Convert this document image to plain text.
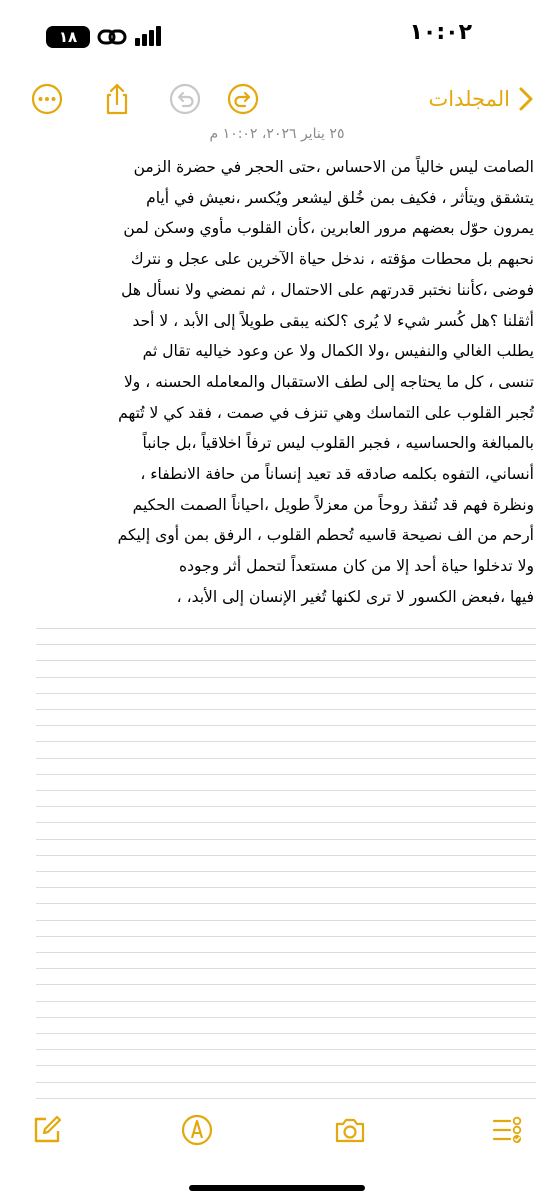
١٨	١٠:٠٢
المجلدات
٢٥ يناير ٢٠٢٦، ١٠:٠٢ م
الصامت ليس خالياً من الاحساس ،حتى الحجر في حضرة الزمن
يتشقق ويتأثر ، فكيف بمن خُلق ليشعر ويُكسر ،نعيش في أيام
يمرون حوّل بعضهم مرور العابرين ،كأن القلوب مأوي وسكن لمن
نحبهم بل محطات مؤقته ، ندخل حياة الآخرين على عجل و نترك
فوضى ،كأننا نختبر قدرتهم على الاحتمال ، ثم نمضي ولا نسأل هل
أثقلنا ؟هل كُسر شيء لا يُرى ؟لكنه يبقى طويلاً إلى الأبد ، لا أحد
يطلب الغالي والنفيس ،ولا الكمال ولا عن وعود خياليه تقال ثم
تنسى ، كل ما يحتاجه إلى لطف الاستقبال والمعامله الحسنه ، ولا
تُجبر القلوب على التماسك وهي تنزف في صمت ، فقد كي لا تُتهم
بالمبالغة والحساسيه ، فجبر القلوب ليس ترفاً اخلاقياً ،بل جانباً
أنساني، التفوه بكلمه صادقه قد تعيد إنساناً من حافة الانطفاء ،
ونظرة فهم قد تُنقذ روحاً من معزلاً طويل ،احياناً الصمت الحكيم
أرحم من الف نصيحة قاسيه تُحطم القلوب ، الرفق بمن أوى إليكم
ولا تدخلوا حياة أحد إلا من كان مستعداً لتحمل أثر وجوده
فيها ،فبعض الكسور لا ترى لكنها تُغير الإنسان إلى الأبد، ،
